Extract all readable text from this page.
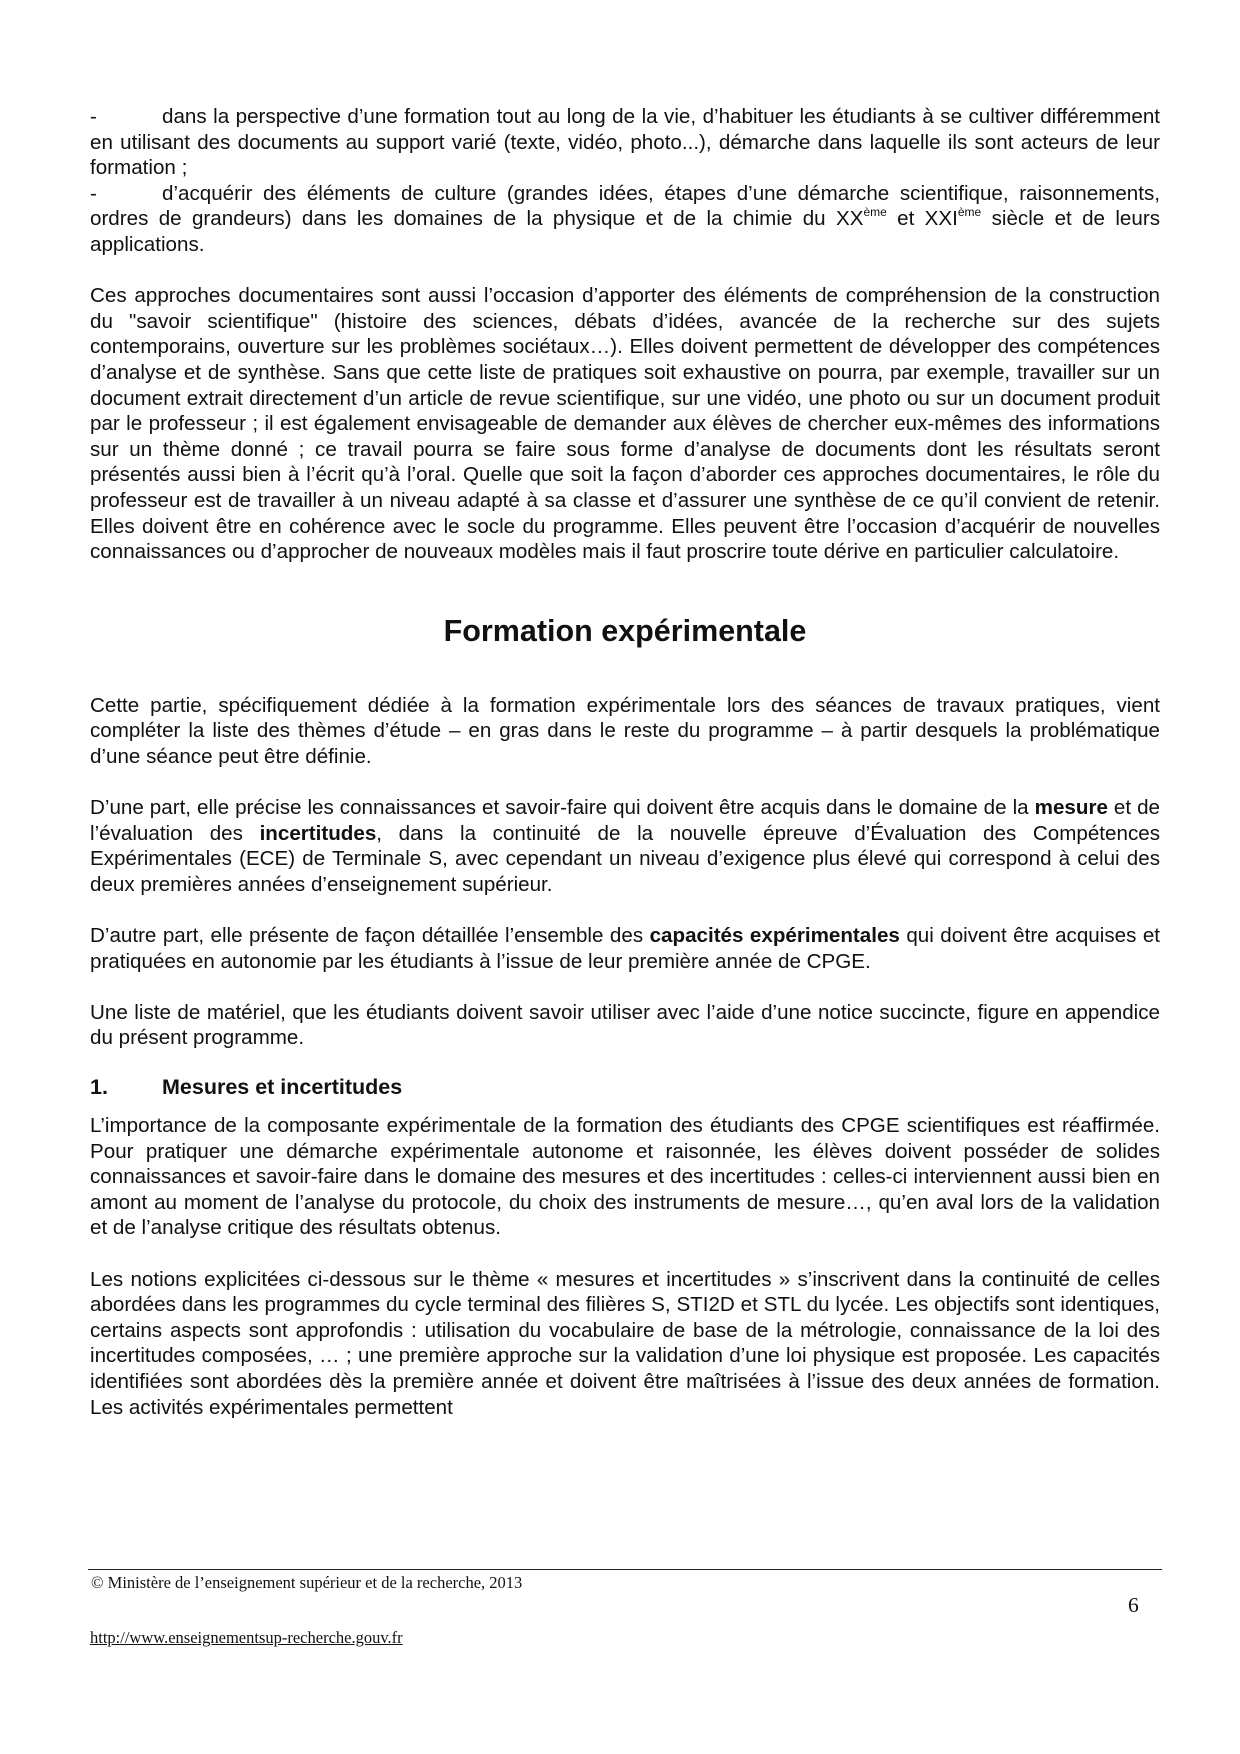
-	dans la perspective d’une formation tout au long de la vie, d’habituer les étudiants à se cultiver différemment en utilisant des documents au support varié (texte, vidéo, photo...), démarche dans laquelle ils sont acteurs de leur formation ;

-	d’acquérir des éléments de culture (grandes idées, étapes d’une démarche scientifique, raisonnements, ordres de grandeurs) dans les domaines de la physique et de la chimie du XXème et XXIème siècle et de leurs applications.

Ces approches documentaires sont aussi l’occasion d’apporter des éléments de compréhension de la construction du "savoir scientifique" (histoire des sciences, débats d’idées, avancée de la recherche sur des sujets contemporains, ouverture sur les problèmes sociétaux…). Elles doivent permettent de développer des compétences d’analyse et de synthèse. Sans que cette liste de pratiques soit exhaustive on pourra, par exemple, travailler sur un document extrait directement d’un article de revue scientifique, sur une vidéo, une photo ou sur un document produit par le professeur ; il est également envisageable de demander aux élèves de chercher eux-mêmes des informations sur un thème donné ; ce travail pourra se faire sous forme d’analyse de documents dont les résultats seront présentés aussi bien à l’écrit qu’à l’oral. Quelle que soit la façon d’aborder ces approches documentaires, le rôle du professeur est de travailler à un niveau adapté à sa classe et d’assurer une synthèse de ce qu’il convient de retenir. Elles doivent être en cohérence avec le socle du programme. Elles peuvent être l’occasion d’acquérir de nouvelles connaissances ou d’approcher de nouveaux modèles mais il faut proscrire toute dérive en particulier calculatoire.

Formation expérimentale

Cette partie, spécifiquement dédiée à la formation expérimentale lors des séances de travaux pratiques, vient compléter la liste des thèmes d’étude – en gras dans le reste du programme – à partir desquels la problématique d’une séance peut être définie.

D’une part, elle précise les connaissances et savoir-faire qui doivent être acquis dans le domaine de la mesure et de l’évaluation des incertitudes, dans la continuité de la nouvelle épreuve d’Évaluation des Compétences Expérimentales (ECE) de Terminale S, avec cependant un niveau d’exigence plus élevé qui correspond à celui des deux premières années d’enseignement supérieur.

D’autre part, elle présente de façon détaillée l’ensemble des capacités expérimentales qui doivent être acquises et pratiquées en autonomie par les étudiants à l’issue de leur première année de CPGE.

Une liste de matériel, que les étudiants doivent savoir utiliser avec l’aide d’une notice succincte, figure en appendice du présent programme.

1.	Mesures et incertitudes

L’importance de la composante expérimentale de la formation des étudiants des CPGE scientifiques est réaffirmée. Pour pratiquer une démarche expérimentale autonome et raisonnée, les élèves doivent posséder de solides connaissances et savoir-faire dans le domaine des mesures et des incertitudes : celles-ci interviennent aussi bien en amont au moment de l’analyse du protocole, du choix des instruments de mesure…, qu’en aval lors de la validation et de l’analyse critique des résultats obtenus.

Les notions explicitées ci-dessous sur le thème « mesures et incertitudes » s’inscrivent dans la continuité de celles abordées dans les programmes du cycle terminal des filières S, STI2D et STL du lycée. Les objectifs sont identiques, certains aspects sont approfondis : utilisation du vocabulaire de base de la métrologie, connaissance de la loi des incertitudes composées, … ; une première approche sur la validation d’une loi physique est proposée. Les capacités identifiées sont abordées dès la première année et doivent être maîtrisées à l’issue des deux années de formation. Les activités expérimentales permettent

© Ministère de l’enseignement supérieur et de la recherche, 2013
6
http://www.enseignementsup-recherche.gouv.fr
